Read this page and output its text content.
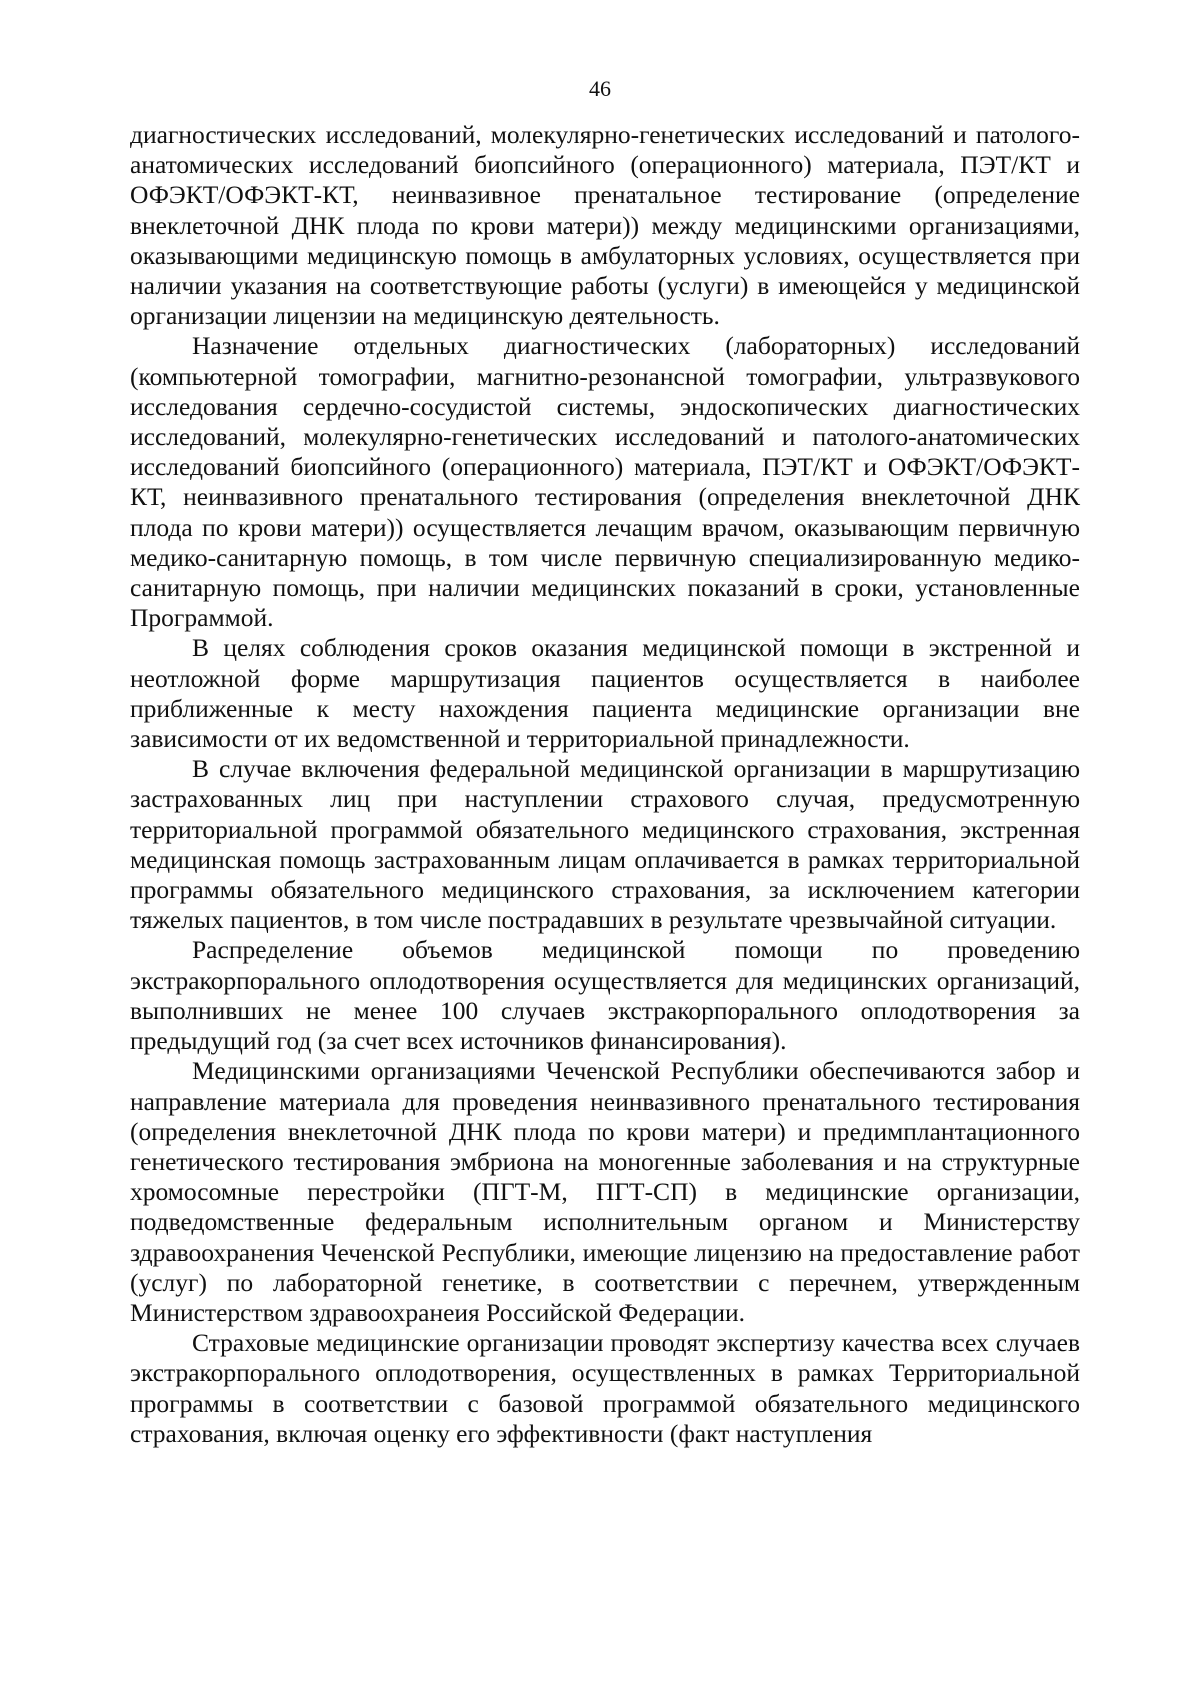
46

диагностических исследований, молекулярно-генетических исследований и патолого-анатомических исследований биопсийного (операционного) материала, ПЭТ/КТ и ОФЭКТ/ОФЭКТ-КТ, неинвазивное пренатальное тестирование (определение внеклеточной ДНК плода по крови матери)) между медицинскими организациями, оказывающими медицинскую помощь в амбулаторных условиях, осуществляется при наличии указания на соответствующие работы (услуги) в имеющейся у медицинской организации лицензии на медицинскую деятельность.

Назначение отдельных диагностических (лабораторных) исследований (компьютерной томографии, магнитно-резонансной томографии, ультразвукового исследования сердечно-сосудистой системы, эндоскопических диагностических исследований, молекулярно-генетических исследований и патолого-анатомических исследований биопсийного (операционного) материала, ПЭТ/КТ и ОФЭКТ/ОФЭКТ-КТ, неинвазивного пренатального тестирования (определения внеклеточной ДНК плода по крови матери)) осуществляется лечащим врачом, оказывающим первичную медико-санитарную помощь, в том числе первичную специализированную медико-санитарную помощь, при наличии медицинских показаний в сроки, установленные Программой.

В целях соблюдения сроков оказания медицинской помощи в экстренной и неотложной форме маршрутизация пациентов осуществляется в наиболее приближенные к месту нахождения пациента медицинские организации вне зависимости от их ведомственной и территориальной принадлежности.

В случае включения федеральной медицинской организации в маршрутизацию застрахованных лиц при наступлении страхового случая, предусмотренную территориальной программой обязательного медицинского страхования, экстренная медицинская помощь застрахованным лицам оплачивается в рамках территориальной программы обязательного медицинского страхования, за исключением категории тяжелых пациентов, в том числе пострадавших в результате чрезвычайной ситуации.

Распределение объемов медицинской помощи по проведению экстракорпорального оплодотворения осуществляется для медицинских организаций, выполнивших не менее 100 случаев экстракорпорального оплодотворения за предыдущий год (за счет всех источников финансирования).

Медицинскими организациями Чеченской Республики обеспечиваются забор и направление материала для проведения неинвазивного пренатального тестирования (определения внеклеточной ДНК плода по крови матери) и предимплантационного генетического тестирования эмбриона на моногенные заболевания и на структурные хромосомные перестройки (ПГТ-М, ПГТ-СП) в медицинские организации, подведомственные федеральным исполнительным органом и Министерству здравоохранения Чеченской Республики, имеющие лицензию на предоставление работ (услуг) по лабораторной генетике, в соответствии с перечнем, утвержденным Министерством здравоохранеия Российской Федерации.

Страховые медицинские организации проводят экспертизу качества всех случаев экстракорпорального оплодотворения, осуществленных в рамках Территориальной программы в соответствии с базовой программой обязательного медицинского страхования, включая оценку его эффективности (факт наступления
